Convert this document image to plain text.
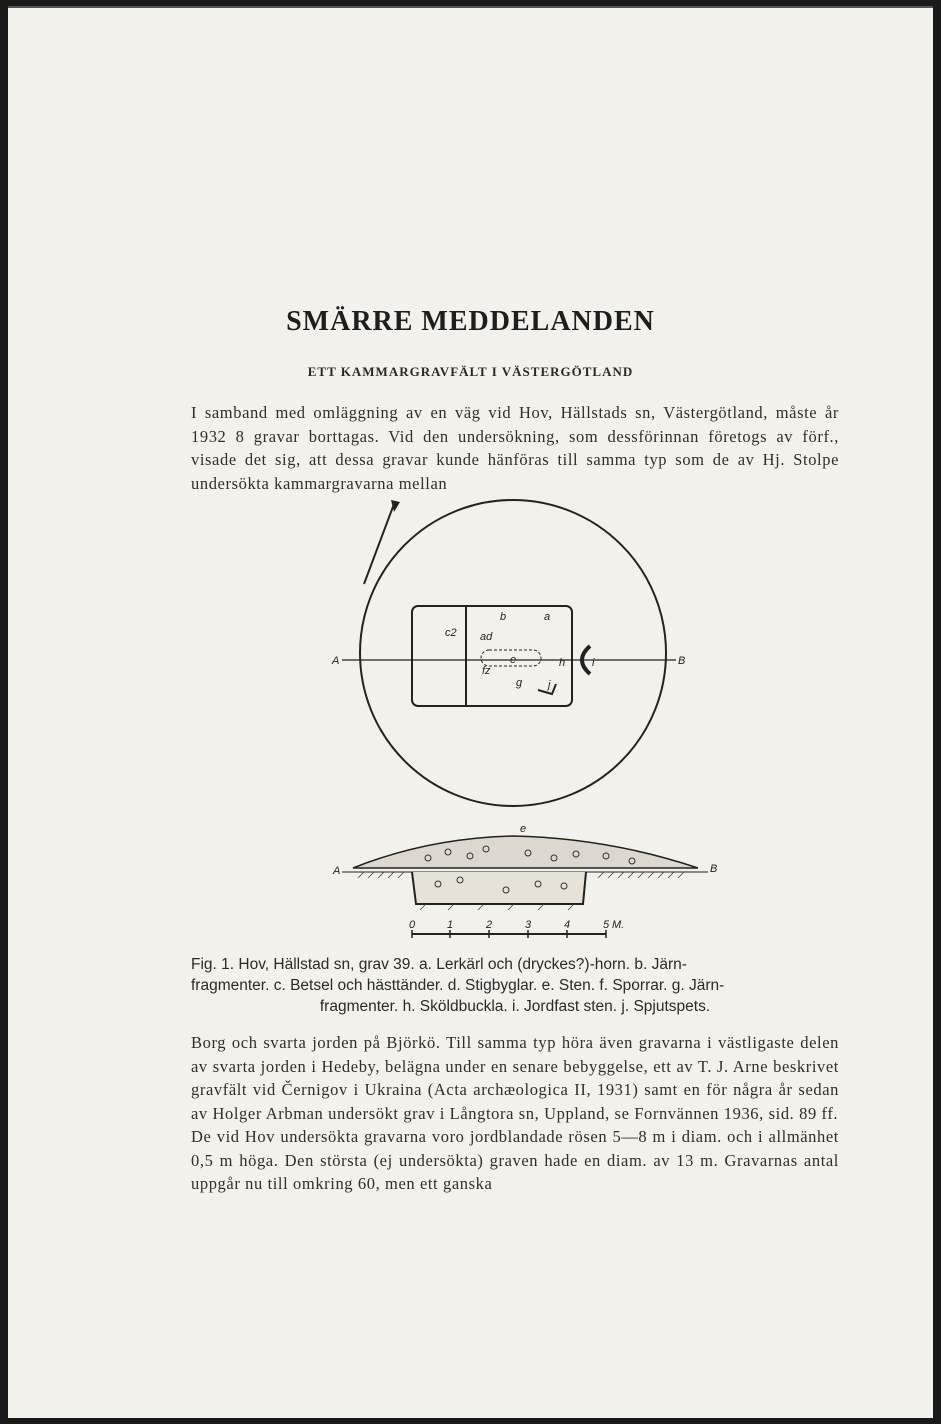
SMÄRRE MEDDELANDEN
ETT KAMMARGRAVFÄLT I VÄSTERGÖTLAND

I samband med omläggning av en väg vid Hov, Hällstads sn, Västergötland, måste år 1932 8 gravar borttagas. Vid den undersökning, som dessförinnan företogs av förf., visade det sig, att dessa gravar kunde hänföras till samma typ som de av Hj. Stolpe undersökta kammargravarna mellan

A	B
c2 ad
b	a
e
fz
g
h i
j
A	B
e
0	1	2	3	4	5 M.
Fig. 1. Hov, Hällstad sn, grav 39. a. Lerkärl och (dryckes?)-horn. b. Järn-
fragmenter. c. Betsel och hästtänder. d. Stigbyglar. e. Sten. f. Sporrar. g. Järn-
fragmenter. h. Sköldbuckla. i. Jordfast sten. j. Spjutspets.

Borg och svarta jorden på Björkö. Till samma typ höra även gravarna i västligaste delen av svarta jorden i Hedeby, belägna under en senare bebyggelse, ett av T. J. Arne beskrivet gravfält vid Černigov i Ukraina (Acta archæologica II, 1931) samt en för några år sedan av Holger Arbman undersökt grav i Långtora sn, Uppland, se Fornvännen 1936, sid. 89 ff.

De vid Hov undersökta gravarna voro jordblandade rösen 5—8 m i diam. och i allmänhet 0,5 m höga. Den största (ej undersökta) graven hade en diam. av 13 m. Gravarnas antal uppgår nu till omkring 60, men ett ganska
